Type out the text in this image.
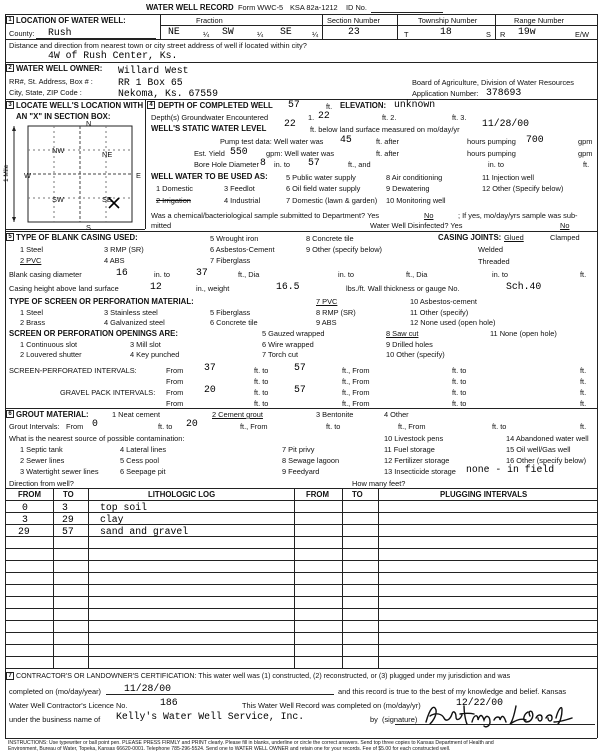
WATER WELL RECORD Form WWC-5 KSA 82a-1212 ID No.
1 LOCATION OF WATER WELL:
County: Rush
Fraction
NE	¼ SW	¼ SE	¼
Section Number
23
Township Number
T	18	S
Range Number
R 19w	E/W
Distance and direction from nearest town or city street address of well if located within city?
4W of Rush Center, Ks.
2 WATER WELL OWNER: Willard West
RR#, St. Address, Box # :	RR 1 Box 65
City, State, ZIP Code :	Nekoma, Ks. 67559
Board of Agriculture, Division of Water Resources
Application Number: 378693
3 LOCATE WELL'S LOCATION WITH
AN "X" IN SECTION BOX:
N
S
W	E
NW	NE
SW	SE
1 Mile
4 DEPTH OF COMPLETED WELL 57	ft. ELEVATION: unknown
Depth(s) Groundwater Encountered	1. 22	ft. 2.	ft. 3.
WELL'S STATIC WATER LEVEL 22
ft. below land surface measured on mo/day/yr
11/28/00
Pump test data: Well water was 45	ft. after	hours pumping 700	gpm
Est. Yield 550 gpm: Well water was	ft. after	hours pumping	gpm
Bore Hole Diameter 8 in. to 57	ft., and	in. to	ft.
WELL WATER TO BE USED AS:
1 Domestic
2 Irrigation
3 Feedlot
4 Industrial
5 Public water supply
6 Oil field water supply
7 Domestic (lawn & garden)
8 Air conditioning
9 Dewatering
10 Monitoring well
11 Injection well
12 Other (Specify below)
Was a chemical/bacteriological sample submitted to Department? Yes	No	; If yes, mo/day/yrs sample was sub-
mitted	Water Well Disinfected? Yes	No
5 TYPE OF BLANK CASING USED:
1 Steel
2 PVC
3 RMP (SR)
4 ABS
5 Wrought iron
6 Asbestos-Cement
7 Fiberglass
8 Concrete tile
9 Other (specify below)
CASING JOINTS: Glued	Clamped
Welded
Threaded
Blank casing diameter	16	in. to	37	ft., Dia	in. to	ft., Dia	in. to	ft.
Casing height above land surface	12	in., weight	16.5	lbs./ft. Wall thickness or gauge No.	Sch.40
TYPE OF SCREEN OR PERFORATION MATERIAL:
1 Steel
2 Brass
3 Stainless steel
4 Galvanized steel
5 Fiberglass
6 Concrete tile
7 PVC
8 RMP (SR)
9 ABS
10 Asbestos-cement
11 Other (specify)
12 None used (open hole)
SCREEN OR PERFORATION OPENINGS ARE:
1 Continuous slot
2 Louvered shutter
3 Mill slot
4 Key punched
5 Gauzed wrapped
6 Wire wrapped
7 Torch cut
8 Saw cut
9 Drilled holes
10 Other (specify)
11 None (open hole)
SCREEN-PERFORATED INTERVALS:	From 37	ft. to	57	ft., From	ft. to	ft.
From	ft. to	ft., From	ft. to	ft.
GRAVEL PACK INTERVALS: From 20	ft. to	57	ft., From	ft. to	ft.
From	ft. to	ft., From	ft. to	ft.
6 GROUT MATERIAL:	1 Neat cement	2 Cement grout	3 Bentonite	4 Other
Grout Intervals: From 0	ft. to 20	ft., From	ft. to	ft., From	ft. to	ft.
What is the nearest source of possible contamination:
1 Septic tank
2 Sewer lines
3 Watertight sewer lines
4 Lateral lines
5 Cess pool
6 Seepage pit
7 Pit privy
8 Sewage lagoon
9 Feedyard
10 Livestock pens
11 Fuel storage
12 Fertilizer storage
13 Insecticide storage
14 Abandoned water well
15 Oil well/Gas well
16 Other (specify below)
none - in field
Direction from well?	How many feet?
FROM	TO	LITHOLOGIC LOG	FROM	TO	PLUGGING INTERVALS
0	3	top soil
3	29	clay
29	57	sand and gravel
7 CONTRACTOR'S OR LANDOWNER'S CERTIFICATION: This water well was (1) constructed, (2) reconstructed, or (3) plugged under my jurisdiction and was
completed on (mo/day/year) 11/28/00	and this record is true to the best of my knowledge and belief. Kansas
Water Well Contractor's Licence No.	186	This Water Well Record was completed on (mo/day/yr)	12/22/00
under the business name of Kelly's Water Well Service, Inc.	by (signature)
INSTRUCTIONS: Use typewriter or ball point pen. PLEASE PRESS FIRMLY and PRINT clearly. Please fill in blanks, underline or circle the correct answers. Send top three copies to Kansas Department of Health and
Environment, Bureau of Water, Topeka, Kansas 66620-0001. Telephone 785-296-5524. Send one to WATER WELL OWNER and retain one for your records. Fee of $5.00 for each constructed well.
